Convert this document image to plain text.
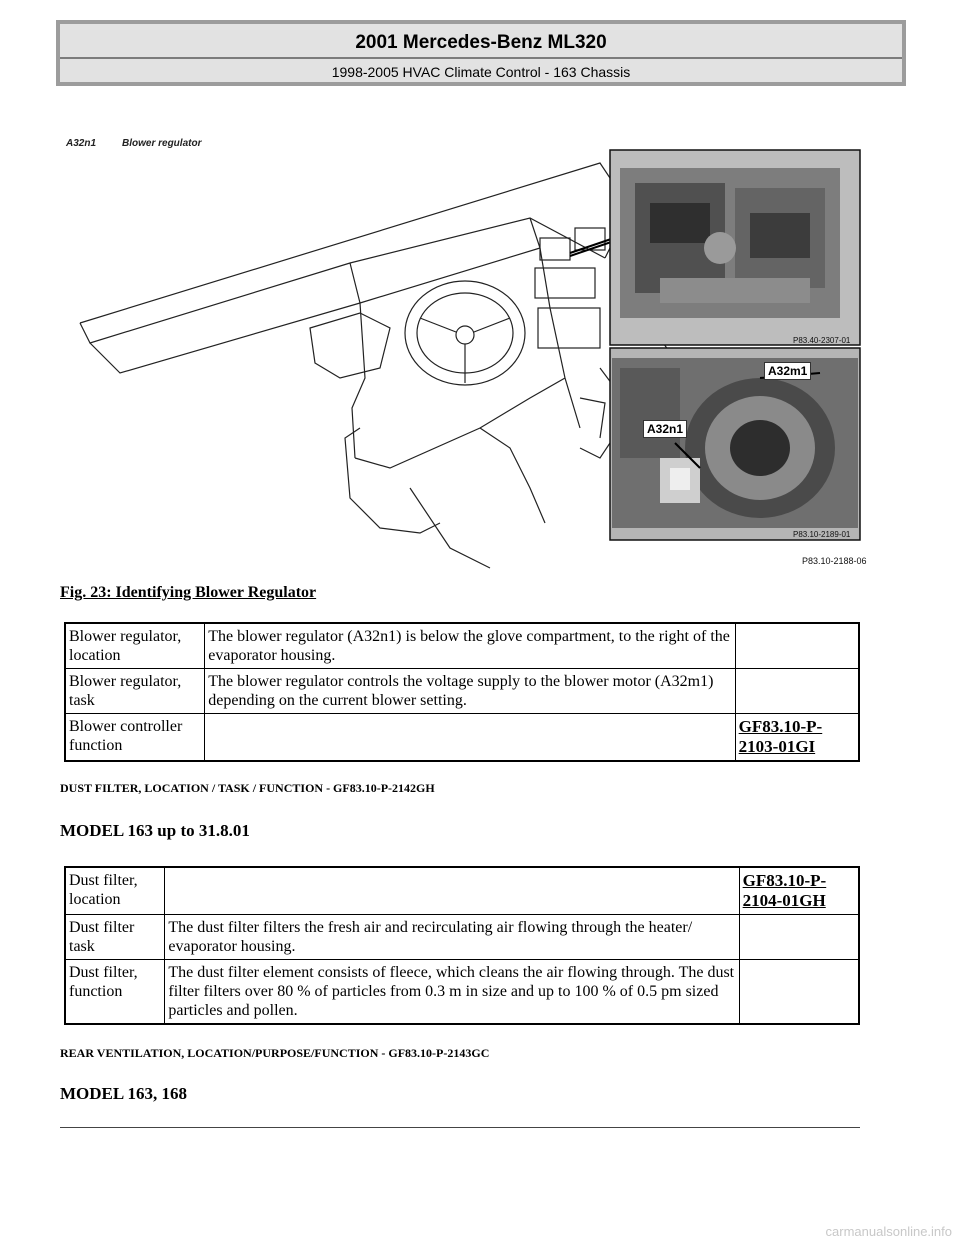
2001 Mercedes-Benz ML320
1998-2005 HVAC Climate Control - 163 Chassis
A32n1	Blower regulator
A32m1
A32n1
P83.40-2307-01
P83.10-2189-01
P83.10-2188-06
Fig. 23: Identifying Blower Regulator
Blower regulator, location	The blower regulator (A32n1) is below the glove compartment, to the right of the evaporator housing.	
Blower regulator, task	The blower regulator controls the voltage supply to the blower motor (A32m1) depending on the current blower setting.	
Blower controller function		GF83.10-P-2103-01GI
DUST FILTER, LOCATION / TASK / FUNCTION - GF83.10-P-2142GH
MODEL 163 up to 31.8.01
Dust filter, location		GF83.10-P-2104-01GH
Dust filter task	The dust filter filters the fresh air and recirculating air flowing through the heater/ evaporator housing.	
Dust filter, function	The dust filter element consists of fleece, which cleans the air flowing through. The dust filter filters over 80 % of particles from 0.3 m in size and up to 100 % of 0.5 pm sized particles and pollen.	
REAR VENTILATION, LOCATION/PURPOSE/FUNCTION - GF83.10-P-2143GC
MODEL 163, 168
carmanualsonline.info
